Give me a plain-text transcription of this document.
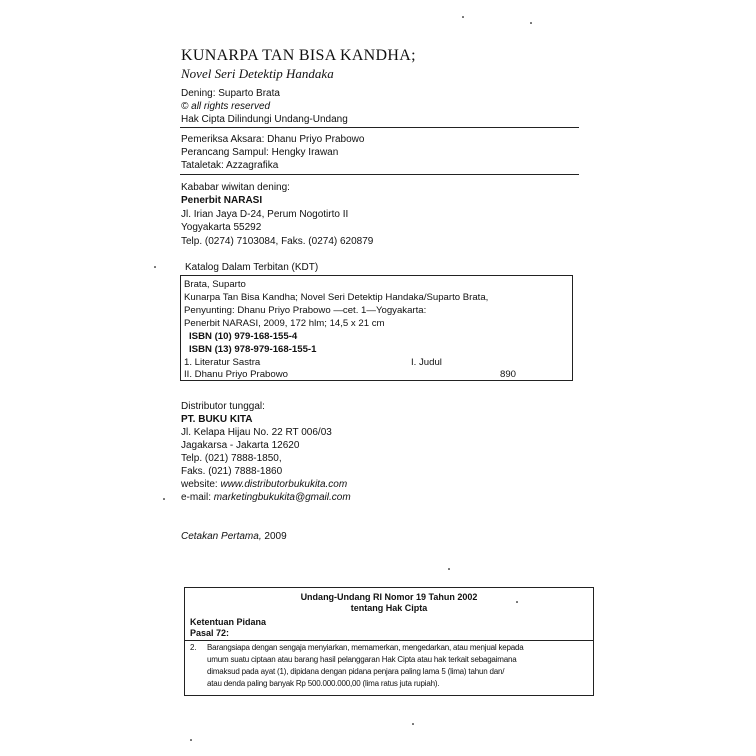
KUNARPA TAN BISA KANDHA;
Novel Seri Detektip Handaka
Dening: Suparto Brata
© all rights reserved
Hak Cipta Dilindungi Undang-Undang
Pemeriksa Aksara: Dhanu Priyo Prabowo
Perancang Sampul: Hengky Irawan
Tataletak: Azzagrafika
Kababar wiwitan dening:
Penerbit NARASI
Jl. Irian Jaya D-24, Perum Nogotirto II
Yogyakarta 55292
Telp. (0274) 7103084, Faks. (0274) 620879
Katalog Dalam Terbitan (KDT)
Brata, Suparto
Kunarpa Tan Bisa Kandha; Novel Seri Detektip Handaka/Suparto Brata,
Penyunting: Dhanu Priyo Prabowo —cet. 1—Yogyakarta:
Penerbit NARASI, 2009, 172 hlm; 14,5 x 21 cm
ISBN (10) 979-168-155-4
ISBN (13) 978-979-168-155-1
1. Literatur Sastra	I. Judul
II. Dhanu Priyo Prabowo	890
Distributor tunggal:
PT. BUKU KITA
Jl. Kelapa Hijau No. 22 RT 006/03
Jagakarsa - Jakarta 12620
Telp. (021) 7888-1850,
Faks. (021) 7888-1860
website: www.distributorbukukita.com
e-mail: marketingbukukita@gmail.com
Cetakan Pertama, 2009
Undang-Undang RI Nomor 19 Tahun 2002
tentang Hak Cipta
Ketentuan Pidana
Pasal 72:
2. Barangsiapa dengan sengaja menyiarkan, memamerkan, mengedarkan, atau menjual kepada
umum suatu ciptaan atau barang hasil pelanggaran Hak Cipta atau hak terkait sebagaimana
dimaksud pada ayat (1), dipidana dengan pidana penjara paling lama 5 (lima) tahun dan/
atau denda paling banyak Rp 500.000.000,00 (lima ratus juta rupiah).
